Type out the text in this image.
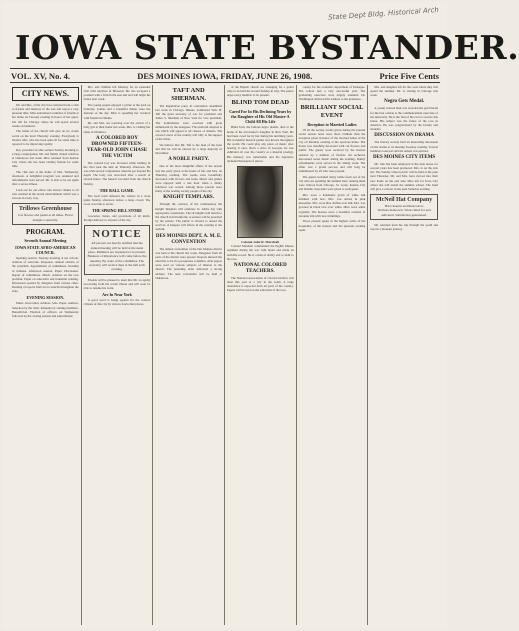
State Dept Bldg. Historical Arch
IOWA STATE BYSTANDER.
VOL. XV, No. 4.	DES MOINES IOWA, FRIDAY, JUNE 26, 1908.	Price Five Cents
CITY NEWS.

Mr. and Mrs. of the city have returned from a visit to friends and relatives in the east and report a very pleasant time. Miss entertained a number of friends at her home on Tuesday evening in honor of her guest. Mr. left for Chicago where he will spend several weeks on business.

The ladies of the church will give an ice cream social on the lawn Thursday evening. Everybody is invited. Mrs. who has been quite ill for some time is reported to be improving rapidly.

Rev. preached an able sermon Sunday morning to a large congregation. Mr. and family visited relatives at Oskaloosa last week. Miss returned from Kansas City where she has been visiting friends for some time.

The club met at the home of Mrs. Wednesday afternoon. A delightful program was rendered and refreshments were served. Mr. is able to be out again after a severe illness.

Look out for our editor. Our sincere thanks to all who assisted in the recent entertainment which was a success in every way.

Trillows Greenhouse
Cut flowers and plants at all times. Floral designs a specialty.
PROGRAM.
Seventh Annual Meeting
IOWA STATE AFRO-AMERICAN COUNCIL

Opening session, Tuesday morning at ten o'clock. Address of welcome. Response. Annual address of the president. Appointment of committees. Reading of minutes. Afternoon session. Paper. Discussion. Report of committees. Music. Address on the race problem. Paper on education and industrial training. Discussion opened by delegates from various cities. Reading of reports from local councils throughout the state.

EVENING SESSION.

Music. Invocation. Address. Solo. Paper. Address. Selection by the choir. Remarks by visiting members. Benediction. Election of officers on Wednesday followed by the closing session and adjournment.

Mrs. and children left Monday for an extended visit with relatives in Missouri. Mr. has accepted a position with a firm in the east end and will begin his duties next week.

The young people enjoyed a picnic at the park on Saturday. Games and a bountiful dinner were the features of the day. Miss is spending her vacation with friends in Omaha.

Mr. and Mrs. are rejoicing over the arrival of a baby girl at their home last week. Mrs. is visiting her sister in Ottumwa.

A COLORED BOY DROWNED FIFTEEN-YEAR-OLD JOHN CHASE THE VICTIM

The colored boy was drowned while bathing in the river near the dam on Thursday afternoon. He was with several companions when he got beyond his depth. The body was recovered after a search of several hours. The funeral was held from the church Sunday.

THE BALL GAME.

The local team defeated the visitors in a close game Sunday afternoon before a large crowd. The score was nine to seven.

THE SPRING HILL STORE

Groceries, meats, and provisions of all kinds. Prompt delivery to all parts of the city.

NOTICE
All persons are hereby notified that the annual meeting will be held at the usual place. Members are requested to be present. Business of importance will come before the meeting. By order of the committee. The secretary will receive dues at the hall each evening.

Friends will be pleased to learn that Mr. is rapidly recovering from his recent illness and will soon be able to resume his work.

Are In Near York

A good word is being spoken for the colored citizens of this city by visitors from other places.

TAFT AND SHERMAN.

The Republican party in convention assembled last week in Chicago, Illinois, nominated Wm. H. Taft the great secretary of war for president and James S. Sherman of New York for vice president. The nominations were received with great enthusiasm by the delegates. The platform adopted is one which will appeal to all classes of citizens. The colored voters of the country will rally to the support of the ticket.

We believe that Mr. Taft is the man of the hour and that he will be elected by a large majority in November.

A NOBLE PARTY.

One of the most delightful affairs of the season was the party given at the home of Mr. and Mrs. on Thursday evening. The rooms were beautifully decorated with flowers and ferns. Music and games were enjoyed until a late hour when a dainty luncheon was served. Among those present were many of the leading society people of the city.

KNIGHT TEMPLARS.

Through the courtesy of the commandery the Knight Templars will celebrate St. John's day with appropriate ceremonies. The sir knights will march to the church in full uniform. A sermon will be preached by the prelate. The public is invited to attend the services. A banquet will follow in the evening at the asylum.

DES MOINES DEPT. A. M. E. CONVENTION

The annual convention of the Des Moines district was held at the church last week. Delegates from all parts of the district were present. Reports showed the churches to be in a prosperous condition. Able papers were read on various subjects of interest to the church. The presiding elder delivered a strong address. The next convention will be held at Oskaloosa.

of the Baptist church are arranging for a grand rally to be held the second Sunday in July. The pastor urges every member to be present.

BLIND TOM DEAD
Cared For In His Declining Years by the Daughter of His Old Master-A Child All His Life

Blind Tom, the famous negro pianist, died at the home of his old master's daughter in New York. He had been cared for by her during his declining years. His wonderful musical genius was known throughout the world. He could play any piece of music after hearing it once. Born a slave in Georgia, he was exhibited all over the country as a musical prodigy. His memory was remarkable and his repertoire included thousands of pieces.

Colonel John R. Marshall.

Colonel Marshall commanded the Eighth Illinois regiment during the war with Spain and made an enviable record. He is a man of ability and a credit to his race.

NATIONAL COLORED TEACHERS.

The National Association of colored teachers will meet this year at a city in the south. A large attendance is expected from all parts of the country. Papers will be read on the education of the race.

county for the academic department of Tuskegee. The school had a very successful year. The graduating exercises were largely attended. Dr. Washington delivered the address to the graduates.

BRILLIANT SOCIAL EVENT
Reception to Married Ladies

Of all the society events given during the present social season none were more brilliant than the reception given in honor of the married ladies of the city on Monday evening at the spacious home. The house was tastefully decorated with cut flowers and palms. The guests were received by the hostess assisted by a number of friends. An orchestra discoursed sweet music during the evening. Dainty refreshments were served in the dining room. The affair was a grand success and will long be remembered by all who were present.

The guests included many ladies from out of the city who are spending the summer here. Among them were visitors from Chicago, St. Louis, Kansas City and Omaha. Souvenirs were given to each guest.

Mrs. wore a handsome gown of white silk trimmed with lace. Mrs. was attired in pink messaline. Mrs. wore blue chiffon over silk. Mrs. was gowned in black lace over white. Miss wore white organdie. The hostess wore a beautiful creation of lavender silk with lace trimmings.

Those present spoke in the highest terms of the hospitality of the hostess and the pleasant evening spent.

Mrs. and daughter left for the coast where they will spend the summer. Mr. is visiting in Chicago this week.

Negro Gets Medal.

A young colored man was awarded the gold medal for the best oration at the commencement exercises of the university. He is the first of his race to receive this honor. His subject was the future of the race in America. He was congratulated by the faculty and students.

DISCUSSION ON DRAMA

The literary society held an interesting discussion on the drama at its meeting Tuesday evening. Several members took part and the debate was spirited.

DES MOINES CITY ITEMS

Mr. who has been employed at the state house for several years has been promoted. Mrs. is on the sick list. The Sunday school picnic will be held at the park next Thursday. Mr. and Mrs. have moved into their new home on the east side. Miss left for Iowa City where she will attend the summer school. The band will give a concert in the park Saturday evening.

McNeil Hat Company
Hat Cleaners and Renovators
Old hats made new. Work called for and delivered. Satisfaction guaranteed.

Mr. returned from his trip through the south and reports a pleasant journey.
